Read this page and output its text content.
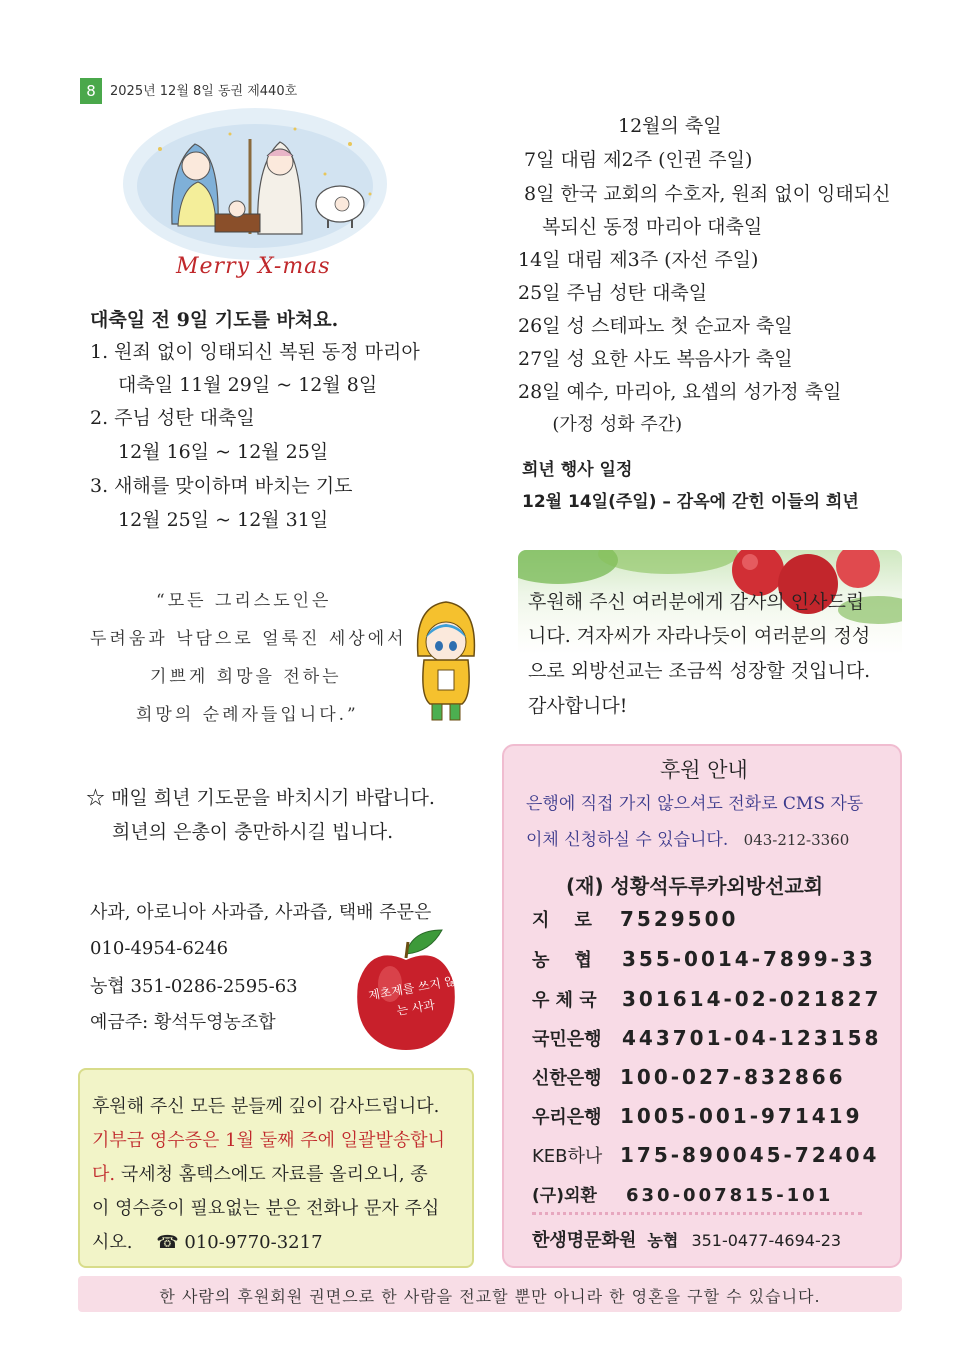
8	2025년 12월 8일 동권 제440호
Merry X-mas
대축일 전 9일 기도를 바쳐요.
1. 원죄 없이 잉태되신 복된 동정 마리아
대축일 11월 29일 ~ 12월 8일
2. 주님 성탄 대축일
12월 16일 ~ 12월 25일
3. 새해를 맞이하며 바치는 기도
12월 25일 ~ 12월 31일
“모든 그리스도인은
두려움과 낙담으로 얼룩진 세상에서
기쁘게 희망을 전하는
희망의 순례자들입니다.”
☆ 매일 희년 기도문을 바치시기 바랍니다.
희년의 은총이 충만하시길 빕니다.
사과, 아로니아 사과즙, 사과즙, 택배 주문은
010-4954-6246
농협 351-0286-2595-63
예금주: 황석두영농조합
제초제를 쓰지 않는 사과
후원해 주신 모든 분들께 깊이 감사드립니다.
기부금 영수증은 1월 둘째 주에 일괄발송합니
다. 국세청 홈텍스에도 자료를 올리오니, 종
이 영수증이 필요없는 분은 전화나 문자 주십
시오. ☎ 010-9770-3217
12월의 축일
7일 대림 제2주 (인권 주일)
8일 한국 교회의 수호자, 원죄 없이 잉태되신
복되신 동정 마리아 대축일
14일 대림 제3주 (자선 주일)
25일 주님 성탄 대축일
26일 성 스테파노 첫 순교자 축일
27일 성 요한 사도 복음사가 축일
28일 예수, 마리아, 요셉의 성가정 축일
(가정 성화 주간)
희년 행사 일정
12월 14일(주일) – 감옥에 갇힌 이들의 희년
후원해 주신 여러분에게 감사의 인사드립
니다. 겨자씨가 자라나듯이 여러분의 정성
으로 외방선교는 조금씩 성장할 것입니다.
감사합니다!
후원 안내
은행에 직접 가지 않으셔도 전화로 CMS 자동
이체 신청하실 수 있습니다. 043-212-3360
(재) 성황석두루카외방선교회
지    로 7529500
농    협 355-0014-7899-33
우 체 국 301614-02-021827
국민은행 443701-04-123158
신한은행 100-027-832866
우리은행 1005-001-971419
KEB하나 175-890045-72404
(구)외환 630-007815-101
한생명문화원 농협 351-0477-4694-23
한 사람의 후원회원 권면으로 한 사람을 전교할 뿐만 아니라 한 영혼을 구할 수 있습니다.
